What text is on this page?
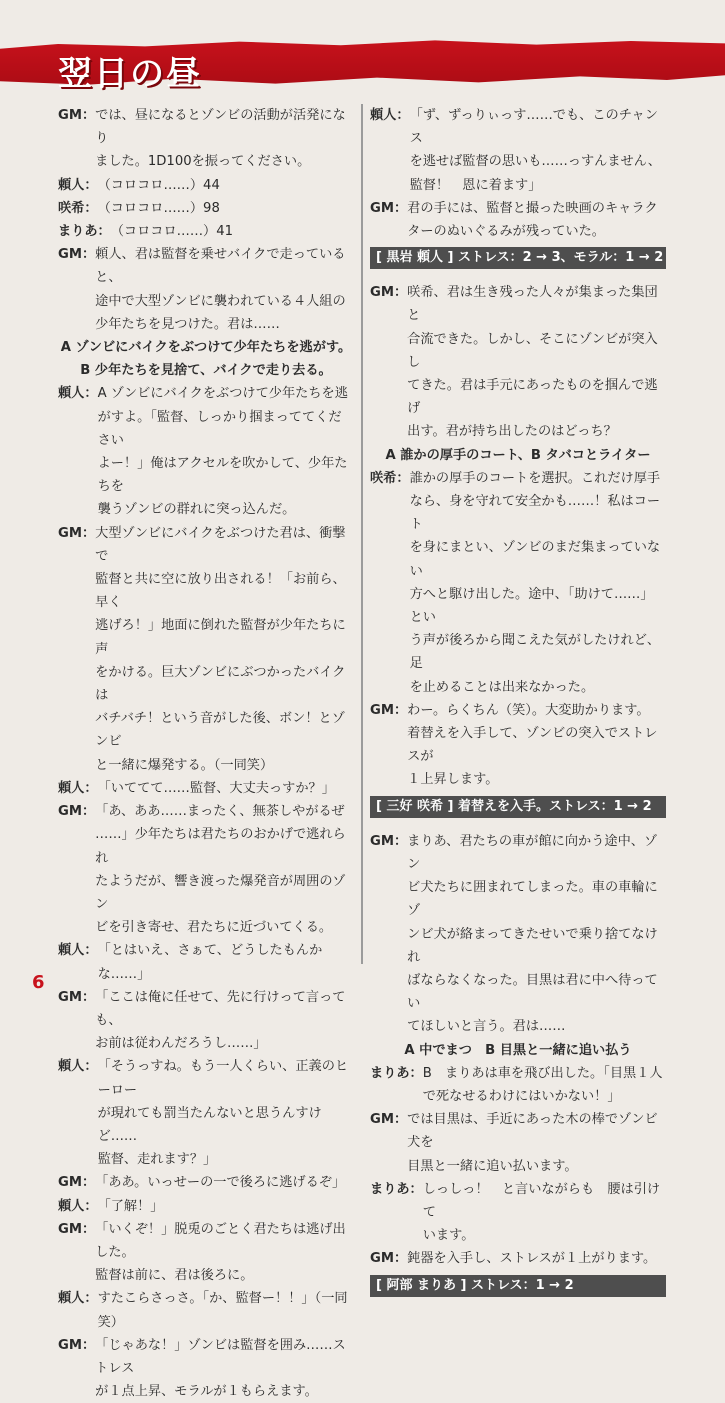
翌日の昼
GM： では、昼になるとゾンビの活動が活発になり
ました。1D100を振ってください。
頼人： （コロコロ……）44
咲希： （コロコロ……）98
まりあ： （コロコロ……）41
GM： 頼人、君は監督を乗せバイクで走っていると、
途中で大型ゾンビに襲われている４人組の
少年たちを見つけた。君は……
A ゾンビにバイクをぶつけて少年たちを逃がす。
B 少年たちを見捨て、バイクで走り去る。
頼人： A ゾンビにバイクをぶつけて少年たちを逃
がすよ。「監督、しっかり掴まっててください
よー！」俺はアクセルを吹かして、少年たちを
襲うゾンビの群れに突っ込んだ。
GM： 大型ゾンビにバイクをぶつけた君は、衝撃で
監督と共に空に放り出される！「お前ら、早く
逃げろ！」地面に倒れた監督が少年たちに声
をかける。巨大ゾンビにぶつかったバイクは
バチバチ！という音がした後、ボン！とゾンビ
と一緒に爆発する。（一同笑）
頼人： 「いててて……監督、大丈夫っすか？」
GM： 「あ、ああ……まったく、無茶しやがるぜ
……」少年たちは君たちのおかげで逃れられ
たようだが、響き渡った爆発音が周囲のゾン
ビを引き寄せ、君たちに近づいてくる。
頼人： 「とはいえ、さぁて、どうしたもんかな……」
GM： 「ここは俺に任せて、先に行けって言っても、
お前は従わんだろうし……」
頼人： 「そうっすね。もう一人くらい、正義のヒーロー
が現れても罰当たんないと思うんすけど……
監督、走れます？」
GM： 「ああ。いっせーの一で後ろに逃げるぞ」
頼人： 「了解！」
GM： 「いくぞ！」脱兎のごとく君たちは逃げ出した。
監督は前に、君は後ろに。
頼人： すたこらさっさ。「か、監督ー！！」（一同笑）
GM： 「じゃあな！」ゾンビは監督を囲み……ストレス
が１点上昇、モラルが１もらえます。
頼人： 「ず、ずっりぃっす……でも、このチャンス
を逃せば監督の思いも……っすんません、
監督！　恩に着ます」
GM： 君の手には、監督と撮った映画のキャラク
ターのぬいぐるみが残っていた。
[ 黒岩 頼人 ] ストレス：2 → 3、モラル：1 → 2
GM： 咲希、君は生き残った人々が集まった集団と
合流できた。しかし、そこにゾンビが突入し
てきた。君は手元にあったものを掴んで逃げ
出す。君が持ち出したのはどっち？
A 誰かの厚手のコート、B タバコとライター
咲希： 誰かの厚手のコートを選択。これだけ厚手
なら、身を守れて安全かも……！私はコート
を身にまとい、ゾンビのまだ集まっていない
方へと駆け出した。途中、「助けて……」とい
う声が後ろから聞こえた気がしたけれど、足
を止めることは出来なかった。
GM： わー。らくちん（笑）。大変助かります。
着替えを入手して、ゾンビの突入でストレスが
１上昇します。
[ 三好 咲希 ] 着替えを入手。ストレス：1 → 2
GM： まりあ、君たちの車が館に向かう途中、ゾン
ビ犬たちに囲まれてしまった。車の車輪にゾ
ンビ犬が絡まってきたせいで乗り捨てなけれ
ばならなくなった。目黒は君に中へ待ってい
てほしいと言う。君は……
A 中でまつ　B 目黒と一緒に追い払う
まりあ： B　まりあは車を飛び出した。「目黒１人
で死なせるわけにはいかない！」
GM： では目黒は、手近にあった木の棒でゾンビ犬を
目黒と一緒に追い払います。
まりあ： しっしっ！　と言いながらも　腰は引けて
います。
GM： 鈍器を入手し、ストレスが１上がります。
[ 阿部 まりあ ] ストレス：1 → 2
6
